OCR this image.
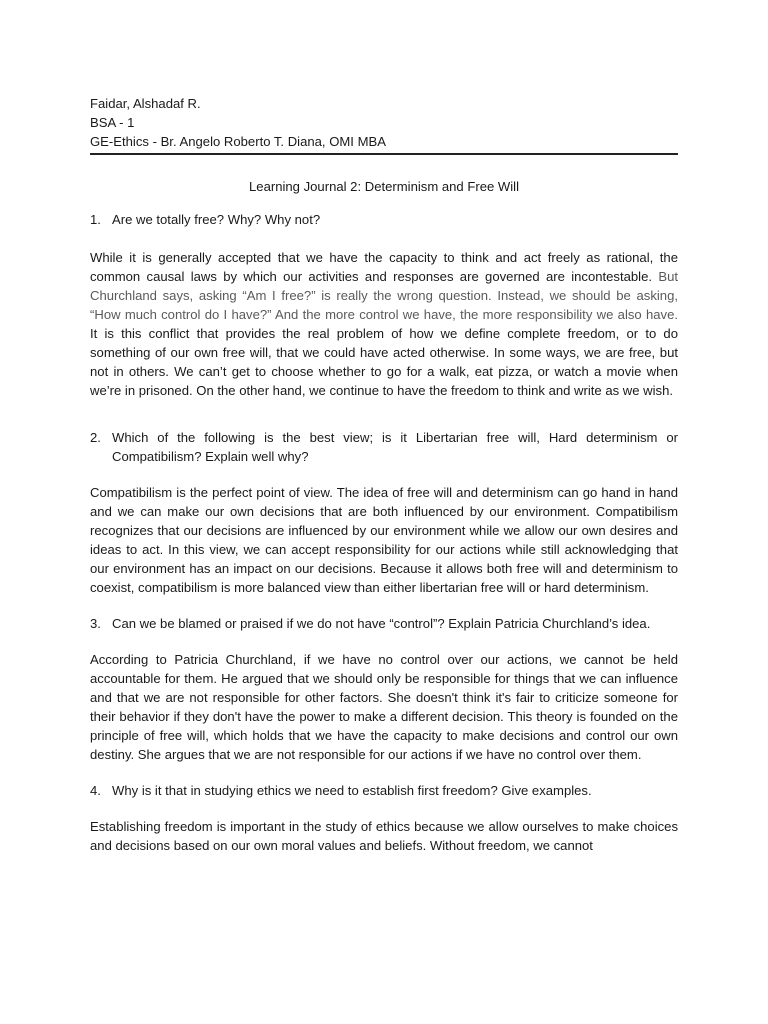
Faidar, Alshadaf R.
BSA - 1
GE-Ethics - Br. Angelo Roberto T. Diana, OMI MBA
Learning Journal 2: Determinism and Free Will
1. Are we totally free? Why? Why not?
While it is generally accepted that we have the capacity to think and act freely as rational, the common causal laws by which our activities and responses are governed are incontestable. But Churchland says, asking “Am I free?” is really the wrong question. Instead, we should be asking, “How much control do I have?” And the more control we have, the more responsibility we also have. It is this conflict that provides the real problem of how we define complete freedom, or to do something of our own free will, that we could have acted otherwise. In some ways, we are free, but not in others. We can’t get to choose whether to go for a walk, eat pizza, or watch a movie when we’re in prisoned. On the other hand, we continue to have the freedom to think and write as we wish.
2. Which of the following is the best view; is it Libertarian free will, Hard determinism or Compatibilism? Explain well why?
Compatibilism is the perfect point of view. The idea of free will and determinism can go hand in hand and we can make our own decisions that are both influenced by our environment. Compatibilism recognizes that our decisions are influenced by our environment while we allow our own desires and ideas to act. In this view, we can accept responsibility for our actions while still acknowledging that our environment has an impact on our decisions. Because it allows both free will and determinism to coexist, compatibilism is more balanced view than either libertarian free will or hard determinism.
3. Can we be blamed or praised if we do not have “control”? Explain Patricia Churchland’s idea.
According to Patricia Churchland, if we have no control over our actions, we cannot be held accountable for them. He argued that we should only be responsible for things that we can influence and that we are not responsible for other factors. She doesn't think it's fair to criticize someone for their behavior if they don't have the power to make a different decision. This theory is founded on the principle of free will, which holds that we have the capacity to make decisions and control our own destiny. She argues that we are not responsible for our actions if we have no control over them.
4. Why is it that in studying ethics we need to establish first freedom? Give examples.
Establishing freedom is important in the study of ethics because we allow ourselves to make choices and decisions based on our own moral values and beliefs. Without freedom, we cannot
